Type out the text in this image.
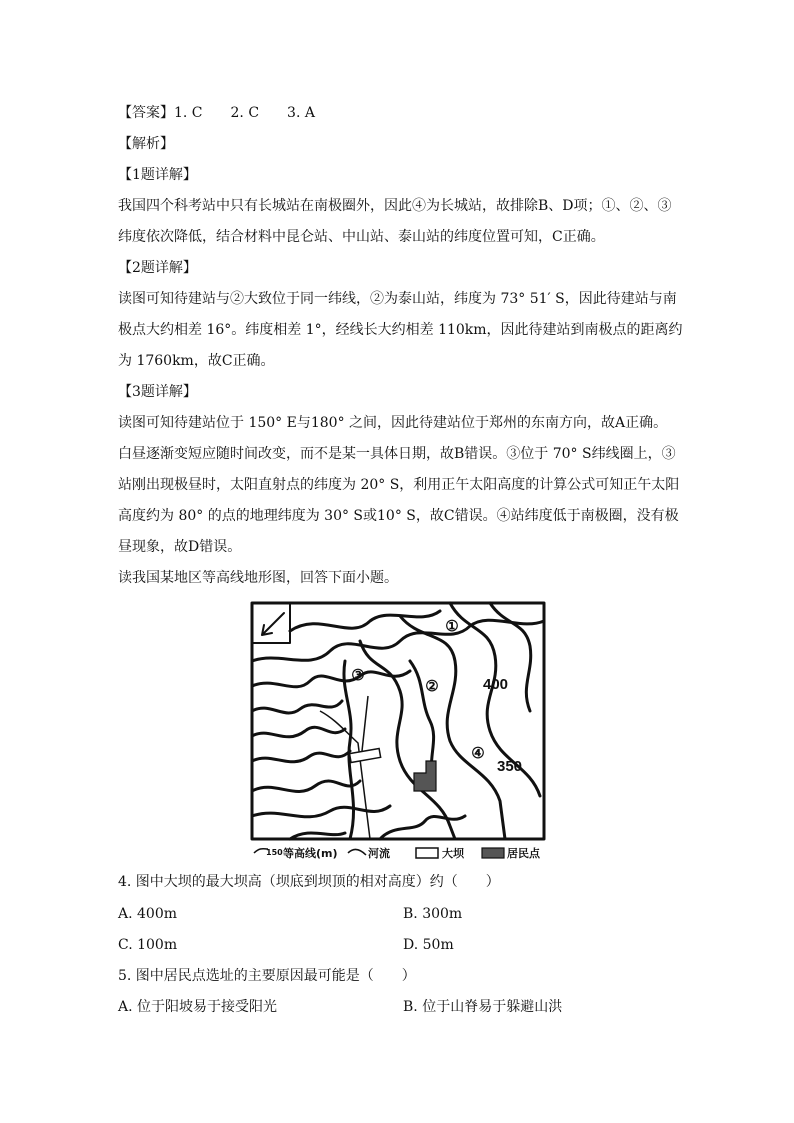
【答案】1. C　　2. C　　3. A
【解析】
【1题详解】
我国四个科考站中只有长城站在南极圈外，因此④为长城站，故排除B、D项；①、②、③
纬度依次降低，结合材料中昆仑站、中山站、泰山站的纬度位置可知，C正确。
【2题详解】
读图可知待建站与②大致位于同一纬线，②为泰山站，纬度为 73° 51′ S，因此待建站与南
极点大约相差 16°。纬度相差 1°，经线长大约相差 110km，因此待建站到南极点的距离约
为 1760km，故C正确。
【3题详解】
读图可知待建站位于 150° E与180° 之间，因此待建站位于郑州的东南方向，故A正确。
白昼逐渐变短应随时间改变，而不是某一具体日期，故B错误。③位于 70° S纬线圈上，③
站刚出现极昼时，太阳直射点的纬度为 20° S，利用正午太阳高度的计算公式可知正午太阳
高度约为 80° 的点的地理纬度为 30° S或10° S，故C错误。④站纬度低于南极圈，没有极
昼现象，故D错误。
读我国某地区等高线地形图，回答下面小题。
①
②
③
④
400
350
150 等高线(m)	河流	大坝	居民点
4. 图中大坝的最大坝高（坝底到坝顶的相对高度）约（　　）
A. 400m	B. 300m
C. 100m	D. 50m
5. 图中居民点选址的主要原因最可能是（　　）
A. 位于阳坡易于接受阳光	B. 位于山脊易于躲避山洪
